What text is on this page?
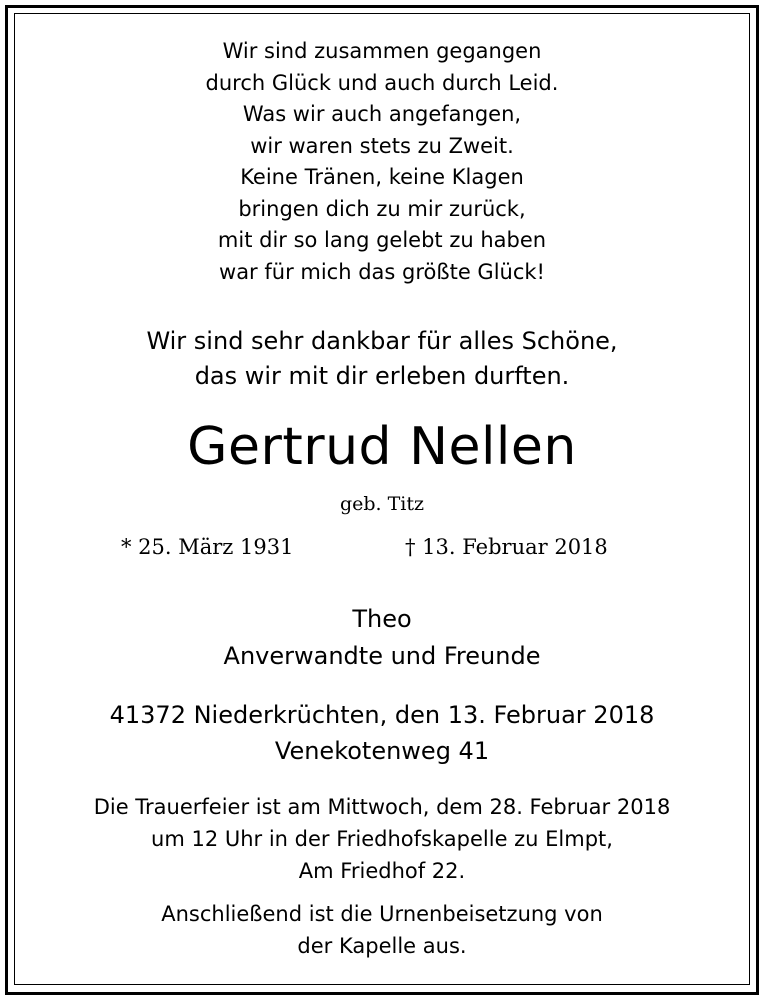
Wir sind zusammen gegangen
durch Glück und auch durch Leid.
Was wir auch angefangen,
wir waren stets zu Zweit.
Keine Tränen, keine Klagen
bringen dich zu mir zurück,
mit dir so lang gelebt zu haben
war für mich das größte Glück!
Wir sind sehr dankbar für alles Schöne,
das wir mit dir erleben durften.
Gertrud Nellen
geb. Titz
* 25. März 1931	† 13. Februar 2018
Theo
Anverwandte und Freunde
41372 Niederkrüchten, den 13. Februar 2018
Venekotenweg 41
Die Trauerfeier ist am Mittwoch, dem 28. Februar 2018
um 12 Uhr in der Friedhofskapelle zu Elmpt,
Am Friedhof 22.
Anschließend ist die Urnenbeisetzung von
der Kapelle aus.
